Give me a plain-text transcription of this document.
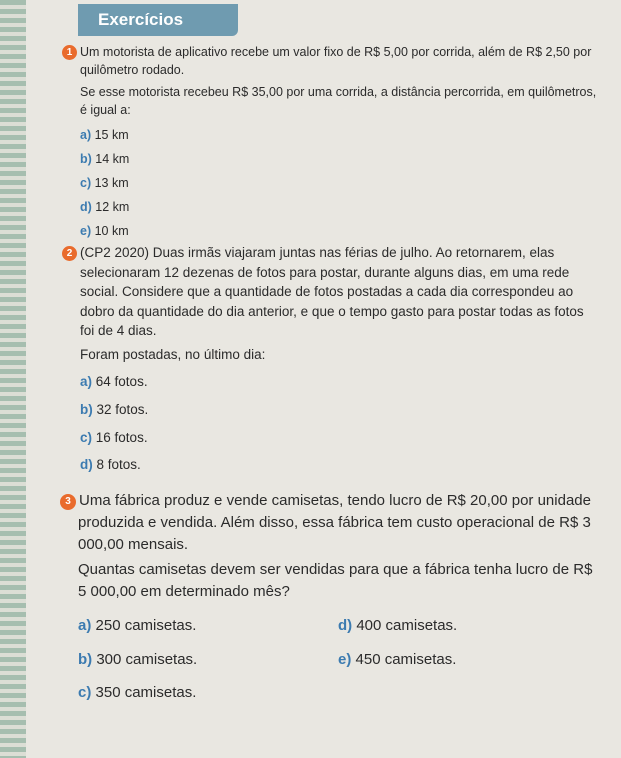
Exercícios

1 Um motorista de aplicativo recebe um valor fixo de R$ 5,00 por corrida, além de R$ 2,50 por quilômetro rodado.

Se esse motorista recebeu R$ 35,00 por uma corrida, a distância percorrida, em quilômetros, é igual a:

a) 15 km
b) 14 km
c) 13 km
d) 12 km
e) 10 km

2 (CP2 2020) Duas irmãs viajaram juntas nas férias de julho. Ao retornarem, elas selecionaram 12 dezenas de fotos para postar, durante alguns dias, em uma rede social. Considere que a quantidade de fotos postadas a cada dia correspondeu ao dobro da quantidade do dia anterior, e que o tempo gasto para postar todas as fotos foi de 4 dias.

Foram postadas, no último dia:

a) 64 fotos.
b) 32 fotos.
c) 16 fotos.
d) 8 fotos.

3 Uma fábrica produz e vende camisetas, tendo lucro de R$ 20,00 por unidade produzida e vendida. Além disso, essa fábrica tem custo operacional de R$ 3 000,00 mensais.

Quantas camisetas devem ser vendidas para que a fábrica tenha lucro de R$ 5 000,00 em determinado mês?

a) 250 camisetas.	d) 400 camisetas.
b) 300 camisetas.	e) 450 camisetas.
c) 350 camisetas.
